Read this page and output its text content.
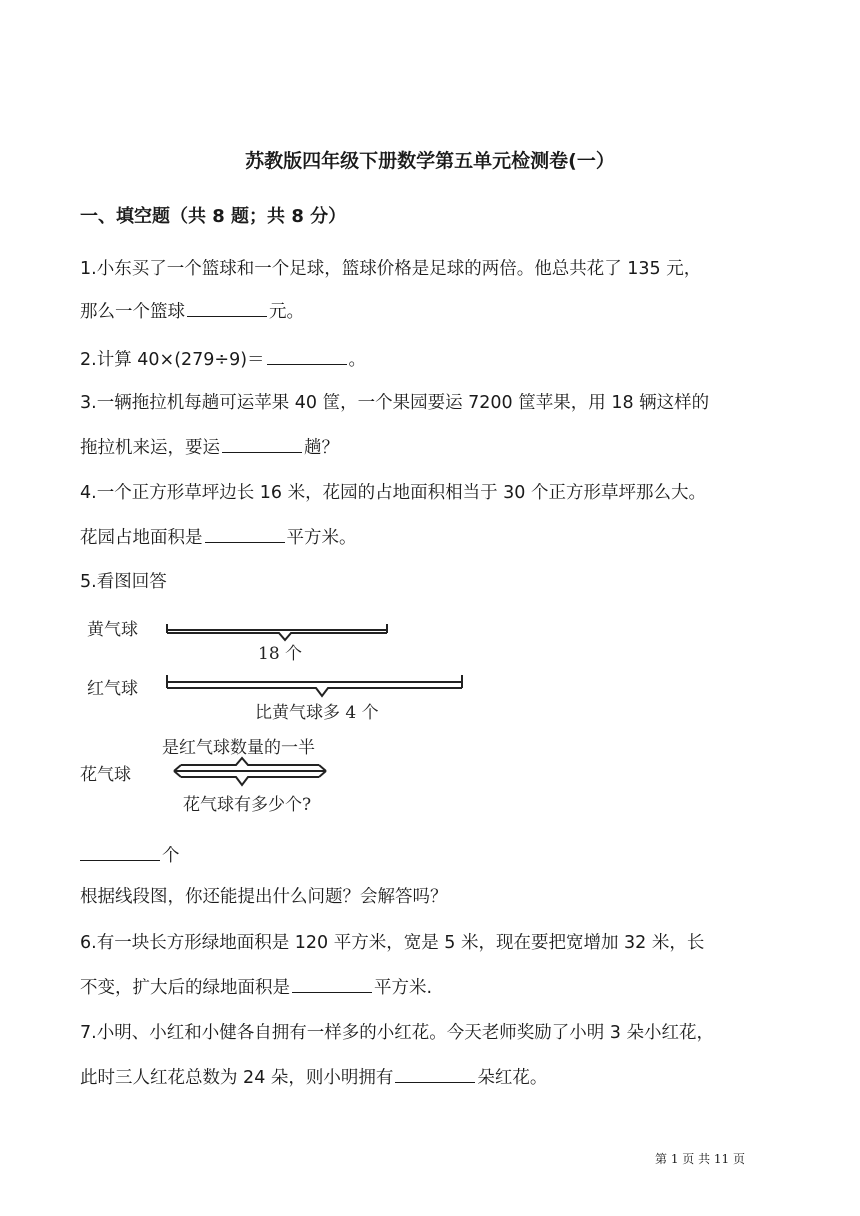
苏教版四年级下册数学第五单元检测卷(一）
一、填空题（共 8 题；共 8 分）
1.小东买了一个篮球和一个足球，篮球价格是足球的两倍。他总共花了 135 元，
那么一个篮球	元。
2.计算 40×(279÷9)＝	。
3.一辆拖拉机每趟可运苹果 40 筐，一个果园要运 7200 筐苹果，用 18 辆这样的
拖拉机来运，要运	趟？
4.一个正方形草坪边长 16 米，花园的占地面积相当于 30 个正方形草坪那么大。
花园占地面积是	平方米。
5.看图回答
黄气球
18 个
红气球
比黄气球多 4 个
是红气球数量的一半
花气球
花气球有多少个?
个
根据线段图，你还能提出什么问题？会解答吗？
6.有一块长方形绿地面积是 120 平方米，宽是 5 米，现在要把宽增加 32 米，长
不变，扩大后的绿地面积是	平方米.
7.小明、小红和小健各自拥有一样多的小红花。今天老师奖励了小明 3 朵小红花，
此时三人红花总数为 24 朵，则小明拥有	朵红花。
第 1 页 共 11 页
